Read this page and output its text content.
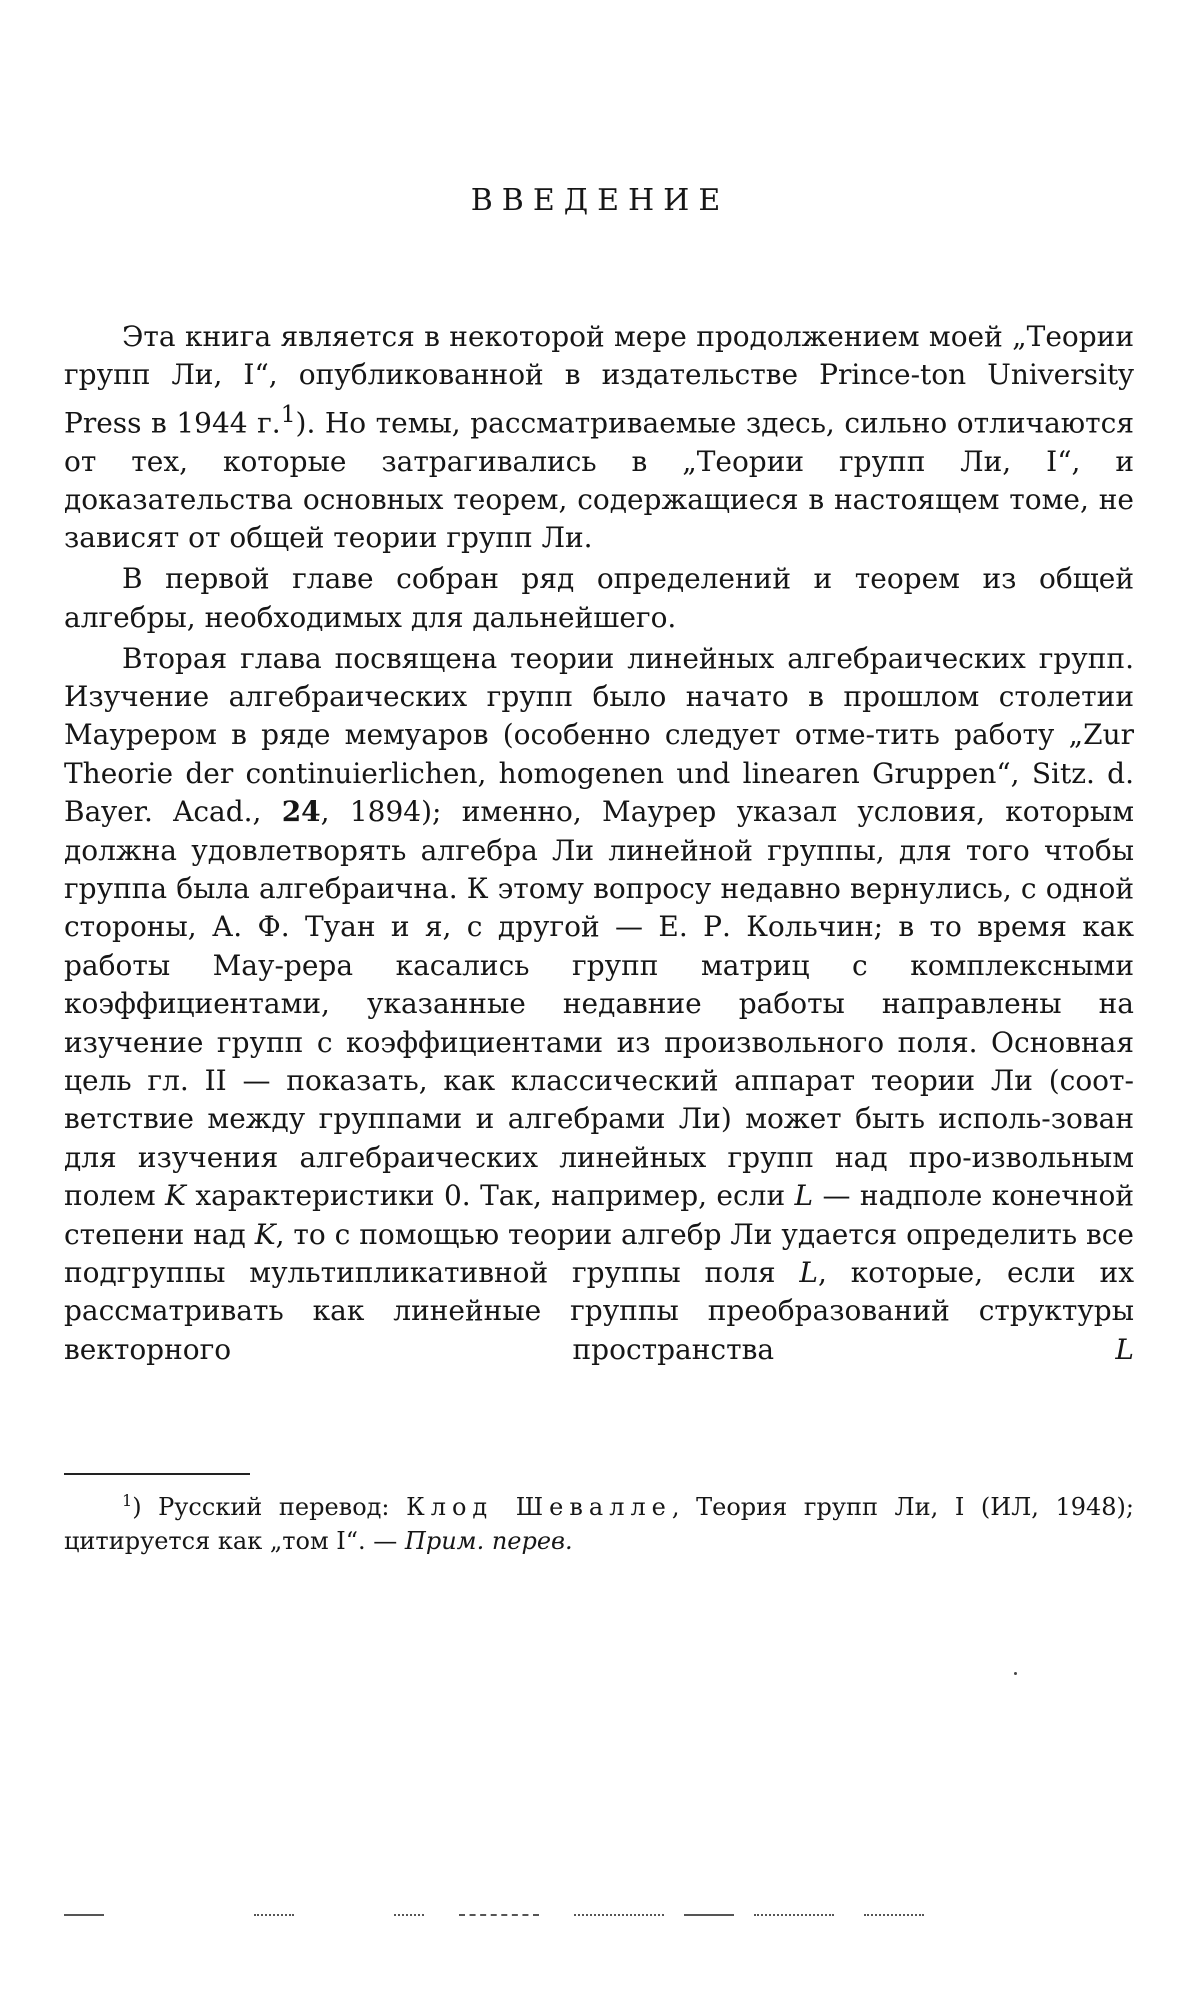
ВВЕДЕНИЕ

Эта книга является в некоторой мере продолжением моей „Теории групп Ли, I“, опубликованной в издательстве Prince-ton University Press в 1944 г.1). Но темы, рассматриваемые здесь, сильно отличаются от тех, которые затрагивались в „Теории групп Ли, I“, и доказательства основных теорем, содержащиеся в настоящем томе, не зависят от общей теории групп Ли.

В первой главе собран ряд определений и теорем из общей алгебры, необходимых для дальнейшего.

Вторая глава посвящена теории линейных алгебраических групп. Изучение алгебраических групп было начато в прошлом столетии Маурером в ряде мемуаров (особенно следует отме-тить работу „Zur Theorie der continuierlichen, homogenen und linearen Gruppen“, Sitz. d. Bayer. Acad., 24, 1894); именно, Маурер указал условия, которым должна удовлетворять алгебра Ли линейной группы, для того чтобы группа была алгебраична. К этому вопросу недавно вернулись, с одной стороны, А. Ф. Туан и я, с другой — Е. Р. Кольчин; в то время как работы Мау-рера касались групп матриц с комплексными коэффициентами, указанные недавние работы направлены на изучение групп с коэффициентами из произвольного поля. Основная цель гл. II — показать, как классический аппарат теории Ли (соот-ветствие между группами и алгебрами Ли) может быть исполь-зован для изучения алгебраических линейных групп над про-извольным полем K характеристики 0. Так, например, если L — надполе конечной степени над K, то с помощью теории алгебр Ли удается определить все подгруппы мультипликативной группы поля L, которые, если их рассматривать как линейные группы преобразований структуры векторного пространства L

1) Русский перевод: Клод Шевалле, Теория групп Ли, I (ИЛ, 1948); цитируется как „том I“. — Прим. перев.
